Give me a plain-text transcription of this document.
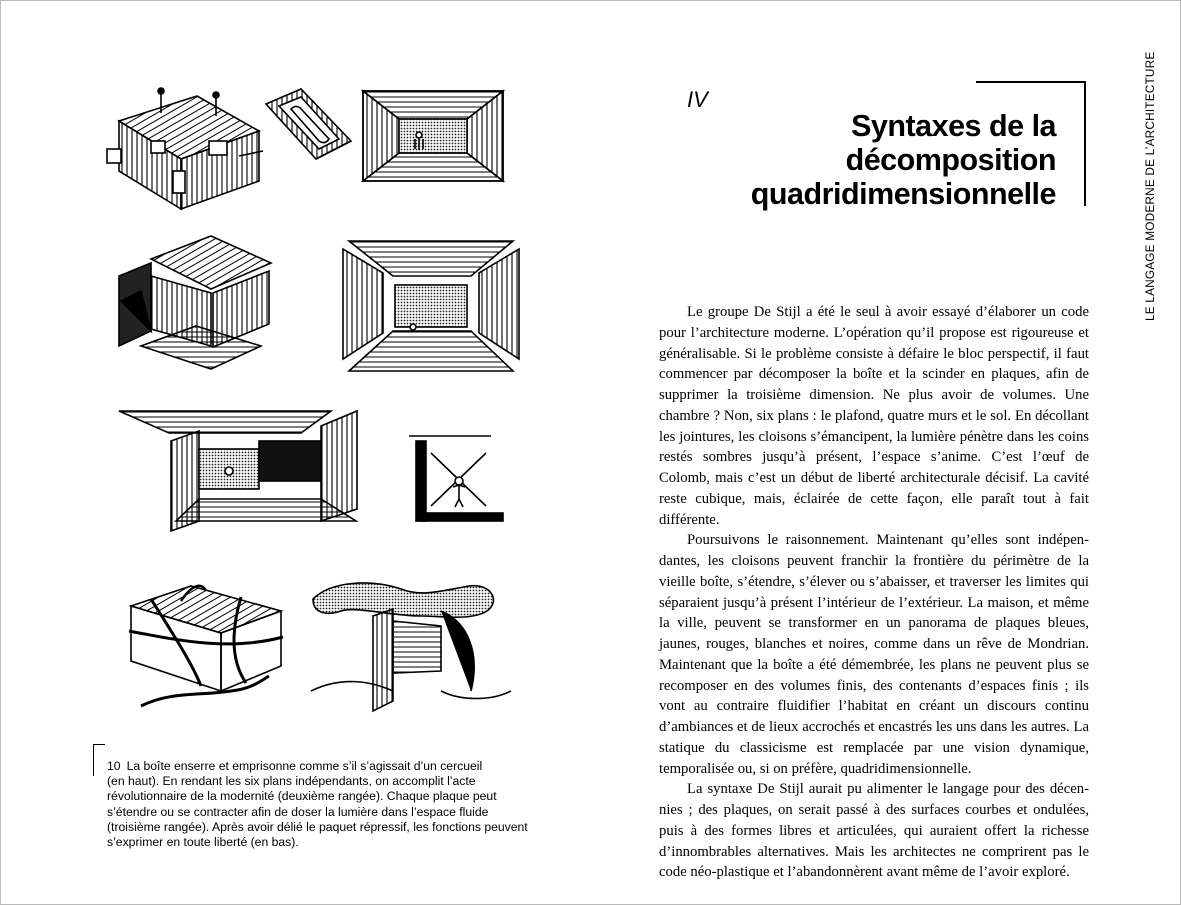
10 La boîte enserre et emprisonne comme s’il s’agissait d’un cercueil
(en haut). En rendant les six plans indépendants, on accomplit l’acte
révolutionnaire de la modernité (deuxième rangée). Chaque plaque peut
s’étendre ou se contracter afin de doser la lumière dans l’espace fluide
(troisième rangée). Après avoir délié le paquet répressif, les fonctions peuvent
s’exprimer en toute liberté (en bas).
IV
Syntaxes de la
décomposition
quadridimensionnelle	LE LANGAGE MODERNE DE L’ARCHITECTURE

Le groupe De Stijl a été le seul à avoir essayé d’élaborer un code pour l’architecture moderne. L’opération qu’il propose est rigoureuse et généralisable. Si le problème consiste à défaire le bloc perspectif, il faut commencer par décomposer la boîte et la scinder en plaques, afin de supprimer la troisième dimension. Ne plus avoir de volumes. Une chambre ? Non, six plans : le plafond, quatre murs et le sol. En décollant les jointures, les cloisons s’émancipent, la lumière pénètre dans les coins restés sombres jusqu’à présent, l’espace s’anime. C’est l’œuf de Colomb, mais c’est un début de liberté architecturale décisif. La cavité reste cubique, mais, éclairée de cette façon, elle paraît tout à fait différente.

Poursuivons le raisonnement. Maintenant qu’elles sont indépendantes, les cloisons peuvent franchir la frontière du périmètre de la vieille boîte, s’étendre, s’élever ou s’abaisser, et traverser les limites qui séparaient jusqu’à présent l’intérieur de l’extérieur. La maison, et même la ville, peuvent se transformer en un panorama de plaques bleues, jaunes, rouges, blanches et noires, comme dans un rêve de Mondrian. Maintenant que la boîte a été démembrée, les plans ne peuvent plus se recomposer en des volumes finis, des contenants d’espaces finis ; ils vont au contraire fluidifier l’habitat en créant un discours continu d’ambiances et de lieux accrochés et encastrés les uns dans les autres. La statique du classicisme est remplacée par une vision dynamique, temporalisée ou, si on préfère, quadridimensionnelle.

La syntaxe De Stijl aurait pu alimenter le langage pour des décennies ; des plaques, on serait passé à des surfaces courbes et ondulées, puis à des formes libres et articulées, qui auraient offert la richesse d’innombrables alternatives. Mais les architectes ne comprirent pas le code néo-plastique et l’abandonnèrent avant même de l’avoir exploré.
